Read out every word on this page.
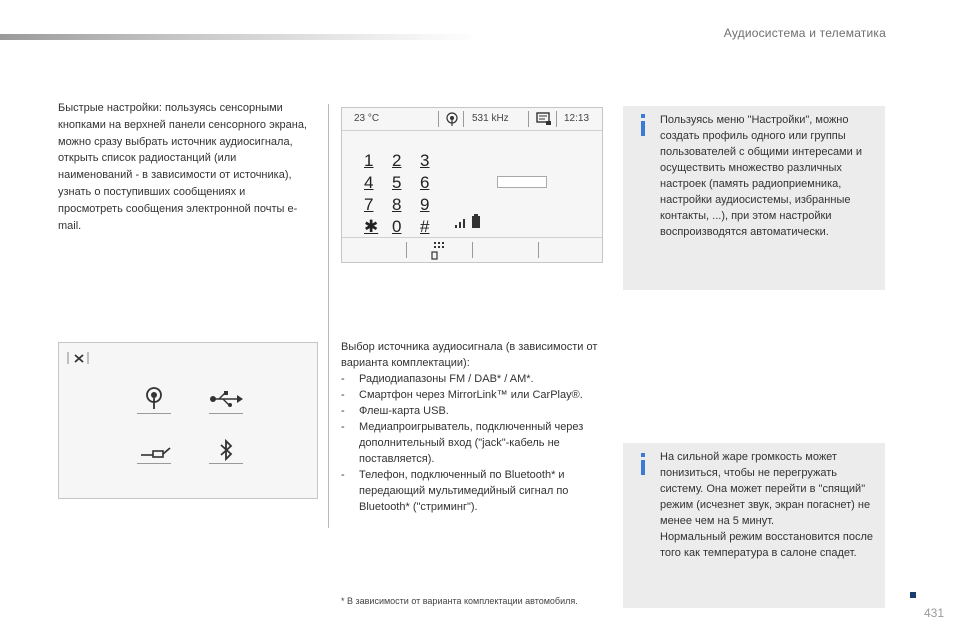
Аудиосистема и телематика
Быстрые настройки: пользуясь сенсорными кнопками на верхней панели сенсорного экрана, можно сразу выбрать источник аудиосигнала, открыть список радиостанций (или наименований - в зависимости от источника), узнать о поступивших сообщениях и просмотреть сообщения электронной почты e-mail.
23 °C	531 kHz	12:13
1 2 3
4 5 6
7 8 9
✱ 0 #
Пользуясь меню "Настройки", можно создать профиль одного или группы пользователей с общими интересами и осуществить множество различных настроек (память радиоприемника, настройки аудиосистемы, избранные контакты, ...), при этом настройки воспроизводятся автоматически.
Выбор источника аудиосигнала (в зависимости от варианта комплектации):
- Радиодиапазоны FM / DAB* / AM*.
- Смартфон через MirrorLink™ или CarPlay®.
- Флеш-карта USB.
- Медиапроигрыватель, подключенный через дополнительный вход ("jack"-кабель не поставляется).
- Телефон, подключенный по Bluetooth* и передающий мультимедийный сигнал по Bluetooth* ("стриминг").
На сильной жаре громкость может понизиться, чтобы не перегружать систему. Она может перейти в "спящий" режим (исчезнет звук, экран погаснет) не менее чем на 5 минут.
Нормальный режим восстановится после того как температура в салоне спадет.
* В зависимости от варианта комплектации автомобиля.
431
